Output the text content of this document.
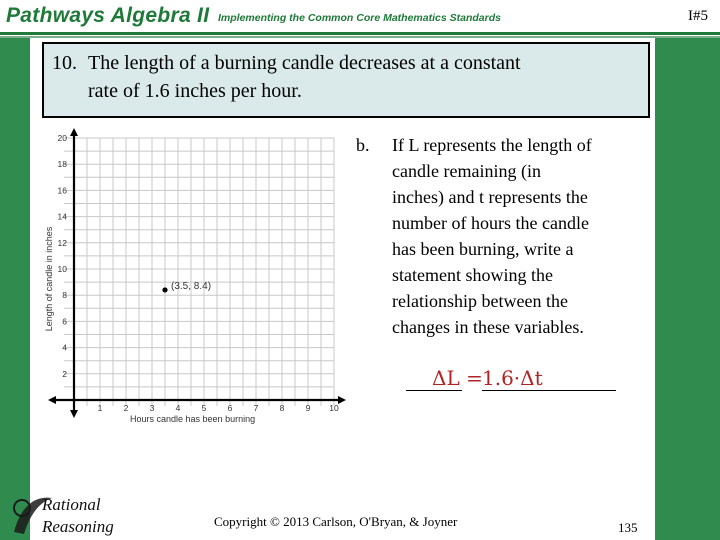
Pathways Algebra II Implementing the Common Core Mathematics Standards	I#5
10. The length of a burning candle decreases at a constant
rate of 1.6 inches per hour.
1	2	3	4	5	6	7	8	9 10
2
4
6
8
10
12
14
16
18
20
(3.5, 8.4)
Hours candle has been burning
Length of candle in inches
b. If L represents the length of
candle remaining (in
inches) and t represents the
number of hours the candle
has been burning, write a
statement showing the
relationship between the
changes in these variables.
ΔL = 1.6·Δt
Rational
Reasoning	Copyright © 2013 Carlson, O'Bryan, & Joyner	135
